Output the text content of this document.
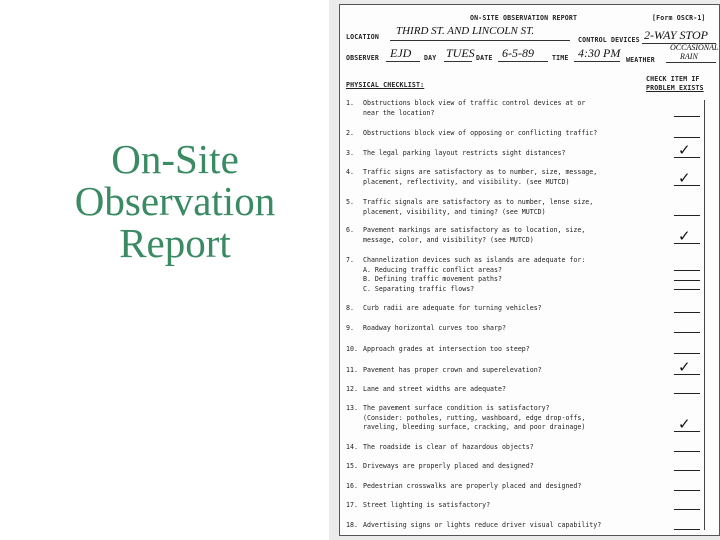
On-Site
Observation
Report
ON-SITE OBSERVATION REPORT	[Form OSCR-1]
LOCATION THIRD ST. AND LINCOLN ST.
CONTROL DEVICES 2-WAY STOP
OBSERVER EJD DAY TUES DATE 6-5-89	TIME 4:30 PM WEATHER
OCCASIONAL
RAIN
PHYSICAL CHECKLIST:
CHECK ITEM IF
PROBLEM EXISTS
1. Obstructions block view of traffic control devices at or
near the location?
2. Obstructions block view of opposing or conflicting traffic?
3. The legal parking layout restricts sight distances?	✓
4. Traffic signs are satisfactory as to number, size, message,
placement, reflectivity, and visibility. (see MUTCD)	✓
5. Traffic signals are satisfactory as to number, lense size,
placement, visibility, and timing? (see MUTCD)
6. Pavement markings are satisfactory as to location, size,
message, color, and visibility? (see MUTCD)	✓
7. Channelization devices such as islands are adequate for:
A. Reducing traffic conflict areas?
B. Defining traffic movement paths?
C. Separating traffic flows?
8. Curb radii are adequate for turning vehicles?
9. Roadway horizontal curves too sharp?
10. Approach grades at intersection too steep?
11. Pavement has proper crown and superelevation?	✓
12. Lane and street widths are adequate?
13. The pavement surface condition is satisfactory?
(Consider: potholes, rutting, washboard, edge drop-offs,
raveling, bleeding surface, cracking, and poor drainage)	✓
14. The roadside is clear of hazardous objects?
15. Driveways are properly placed and designed?
16. Pedestrian crosswalks are properly placed and designed?
17. Street lighting is satisfactory?
18. Advertising signs or lights reduce driver visual capability?
